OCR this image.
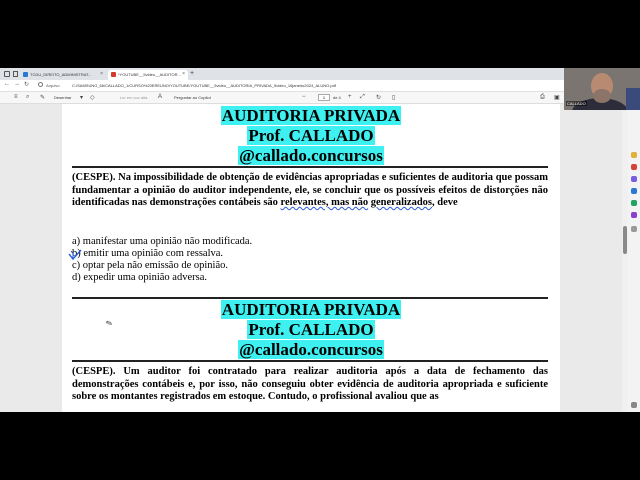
TCDU_DIREITO_ADMINISTRAT... ×	*YOUTUBE__5video__AUDITOR... × +
← → ↻	Arquivo	C:/SAMSUNG_66/CALLADO_1/CURSO%20EREUNO/YOUTUBE/YOUTUBE__5video__AUDITORIA_PRIVADA_5video_16janeiro2024_ALUNO.pdf
≡ ⌕ ✎ Desenhar ▾ ◇	Ler em voz alta A	Perguntar ao Copilot	−	1	de 4 + ⤢ ↻ ▯	⎙ ▣
AUDITORIA PRIVADA
Prof. CALLADO
@callado.concursos
(CESPE). Na impossibilidade de obtenção de evidências apropriadas e suficientes de auditoria que possam fundamentar a opinião do auditor independente, ele, se concluir que os possíveis efeitos de distorções não identificadas nas demonstrações contábeis são relevantes, mas não generalizados, deve
a) manifestar uma opinião não modificada.
b) emitir uma opinião com ressalva.
c) optar pela não emissão de opinião.
d) expedir uma opinião adversa.
✎
AUDITORIA PRIVADA
Prof. CALLADO
@callado.concursos
(CESPE). Um auditor foi contratado para realizar auditoria após a data de fechamento das demonstrações contábeis e, por isso, não conseguiu obter evidência de auditoria apropriada e suficiente sobre os montantes registrados em estoque. Contudo, o profissional avaliou que as
CALLADO
